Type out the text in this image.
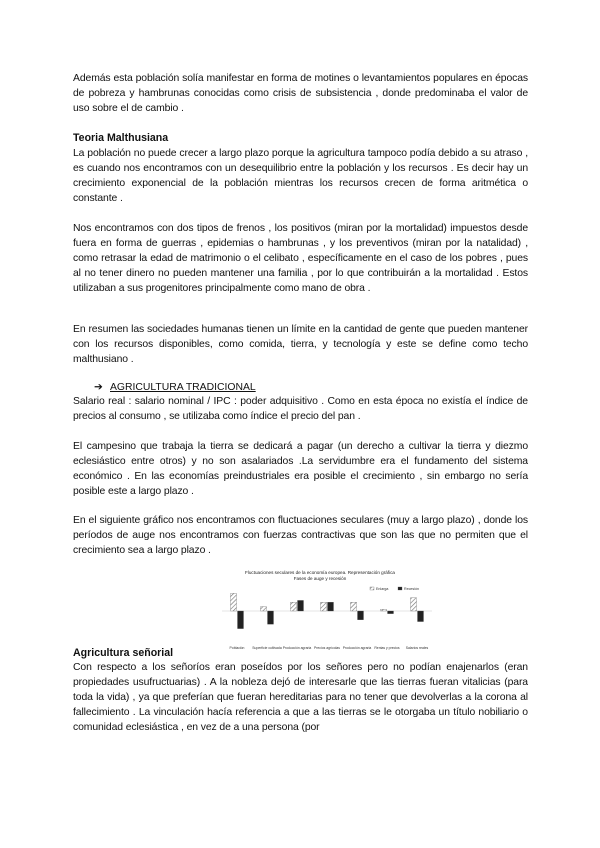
Además esta población solía manifestar en forma de motines o levantamientos populares en épocas de pobreza y hambrunas conocidas como crisis de subsistencia , donde predominaba el valor de uso sobre el de cambio .
Teoria Malthusiana
La población no puede crecer a largo plazo porque la agricultura tampoco podía debido a su atraso , es cuando nos encontramos con un desequilibrio entre la población y los recursos . Es decir hay un crecimiento exponencial de la población mientras los recursos crecen de forma aritmética o constante .
Nos encontramos con dos tipos de frenos , los positivos (miran por la mortalidad) impuestos desde fuera en forma de guerras , epidemias o hambrunas , y los preventivos (miran por la natalidad) , como retrasar la edad de matrimonio o el celibato , específicamente en el caso de los pobres , pues al no tener dinero no pueden mantener una familia , por lo que contribuirán a la mortalidad . Estos utilizaban a sus progenitores principalmente como mano de obra .
En resumen las sociedades humanas tienen un límite en la cantidad de gente que pueden mantener con los recursos disponibles, como comida, tierra, y tecnología y este se define como techo malthusiano .
➔ AGRICULTURA TRADICIONAL
Salario real : salario nominal / IPC : poder adquisitivo . Como en esta época no existía el índice de precios al consumo , se utilizaba como índice el precio del pan .
El campesino que trabaja la tierra se dedicará a pagar (un derecho a cultivar la tierra y diezmo eclesiástico entre otros) y no son asalariados .La servidumbre era el fundamento del sistema económico . En las economías preindustriales era posible el crecimiento , sin embargo no sería posible este a largo plazo .
En el siguiente gráfico nos encontramos con fluctuaciones seculares (muy a largo plazo) , donde los períodos de auge nos encontramos con fuerzas contractivas que son las que no permiten que el crecimiento sea a largo plazo .
Fluctuaciones seculares de la economía europea. Representación gráfica
Fases de auge y recesión
Enlarga	Recesión
Población Superficie cultivada Producción agraria Precios agrícolas Producción agraria Rentas y precios Salarios reales
Agricultura señorial
Con respecto a los señoríos eran poseídos por los señores pero no podían enajenarlos (eran propiedades usufructuarias) . A la nobleza dejó de interesarle que las tierras fueran vitalicias (para toda la vida) , ya que preferían que fueran hereditarias para no tener que devolverlas a la corona al fallecimiento . La vinculación hacía referencia a que a las tierras se le otorgaba un título nobiliario o comunidad eclesiástica , en vez de a una persona (por
